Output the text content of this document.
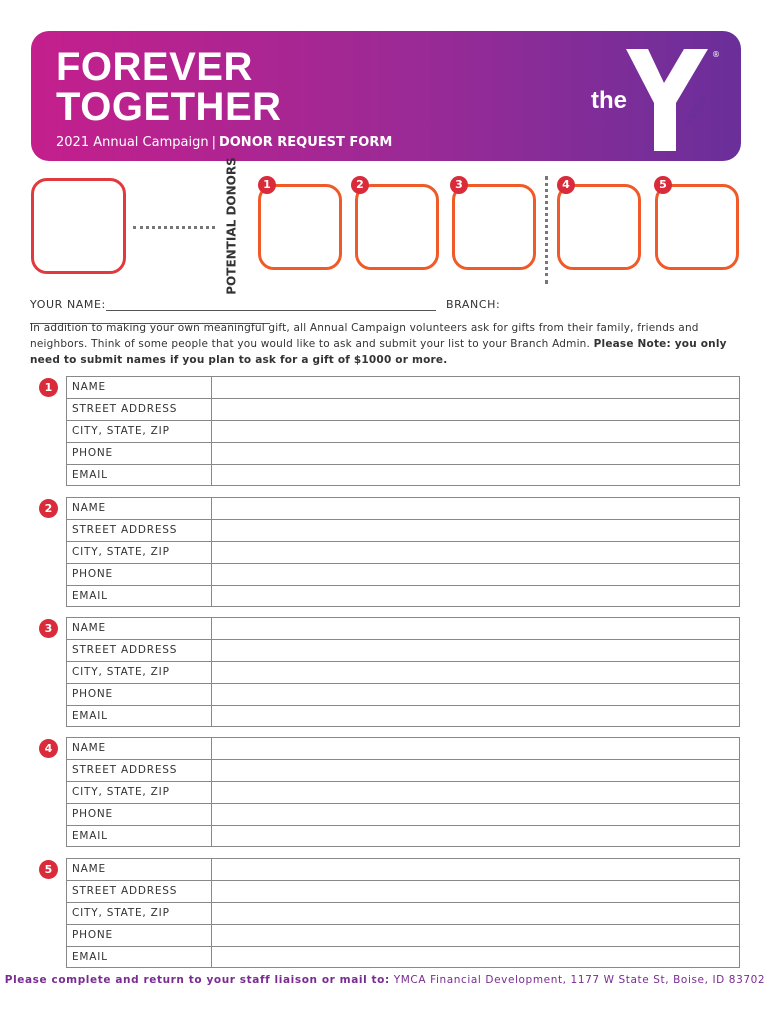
FOREVER
TOGETHER
2021 Annual Campaign | DONOR REQUEST FORM
YMCA
®
the
POTENTIAL DONORS	1	2	3	4	5
YOUR NAME:	BRANCH:
In addition to making your own meaningful gift, all Annual Campaign volunteers ask for gifts from their family, friends and neighbors. Think of some people that you would like to ask and submit your list to your Branch Admin. Please Note: you only need to submit names if you plan to ask for a gift of $1000 or more.
1	NAME
STREET ADDRESS
CITY, STATE, ZIP
PHONE
EMAIL
2	NAME
STREET ADDRESS
CITY, STATE, ZIP
PHONE
EMAIL
3	NAME
STREET ADDRESS
CITY, STATE, ZIP
PHONE
EMAIL
4	NAME
STREET ADDRESS
CITY, STATE, ZIP
PHONE
EMAIL
5	NAME
STREET ADDRESS
CITY, STATE, ZIP
PHONE
EMAIL
Please complete and return to your staff liaison or mail to: YMCA Financial Development, 1177 W State St, Boise, ID 83702
